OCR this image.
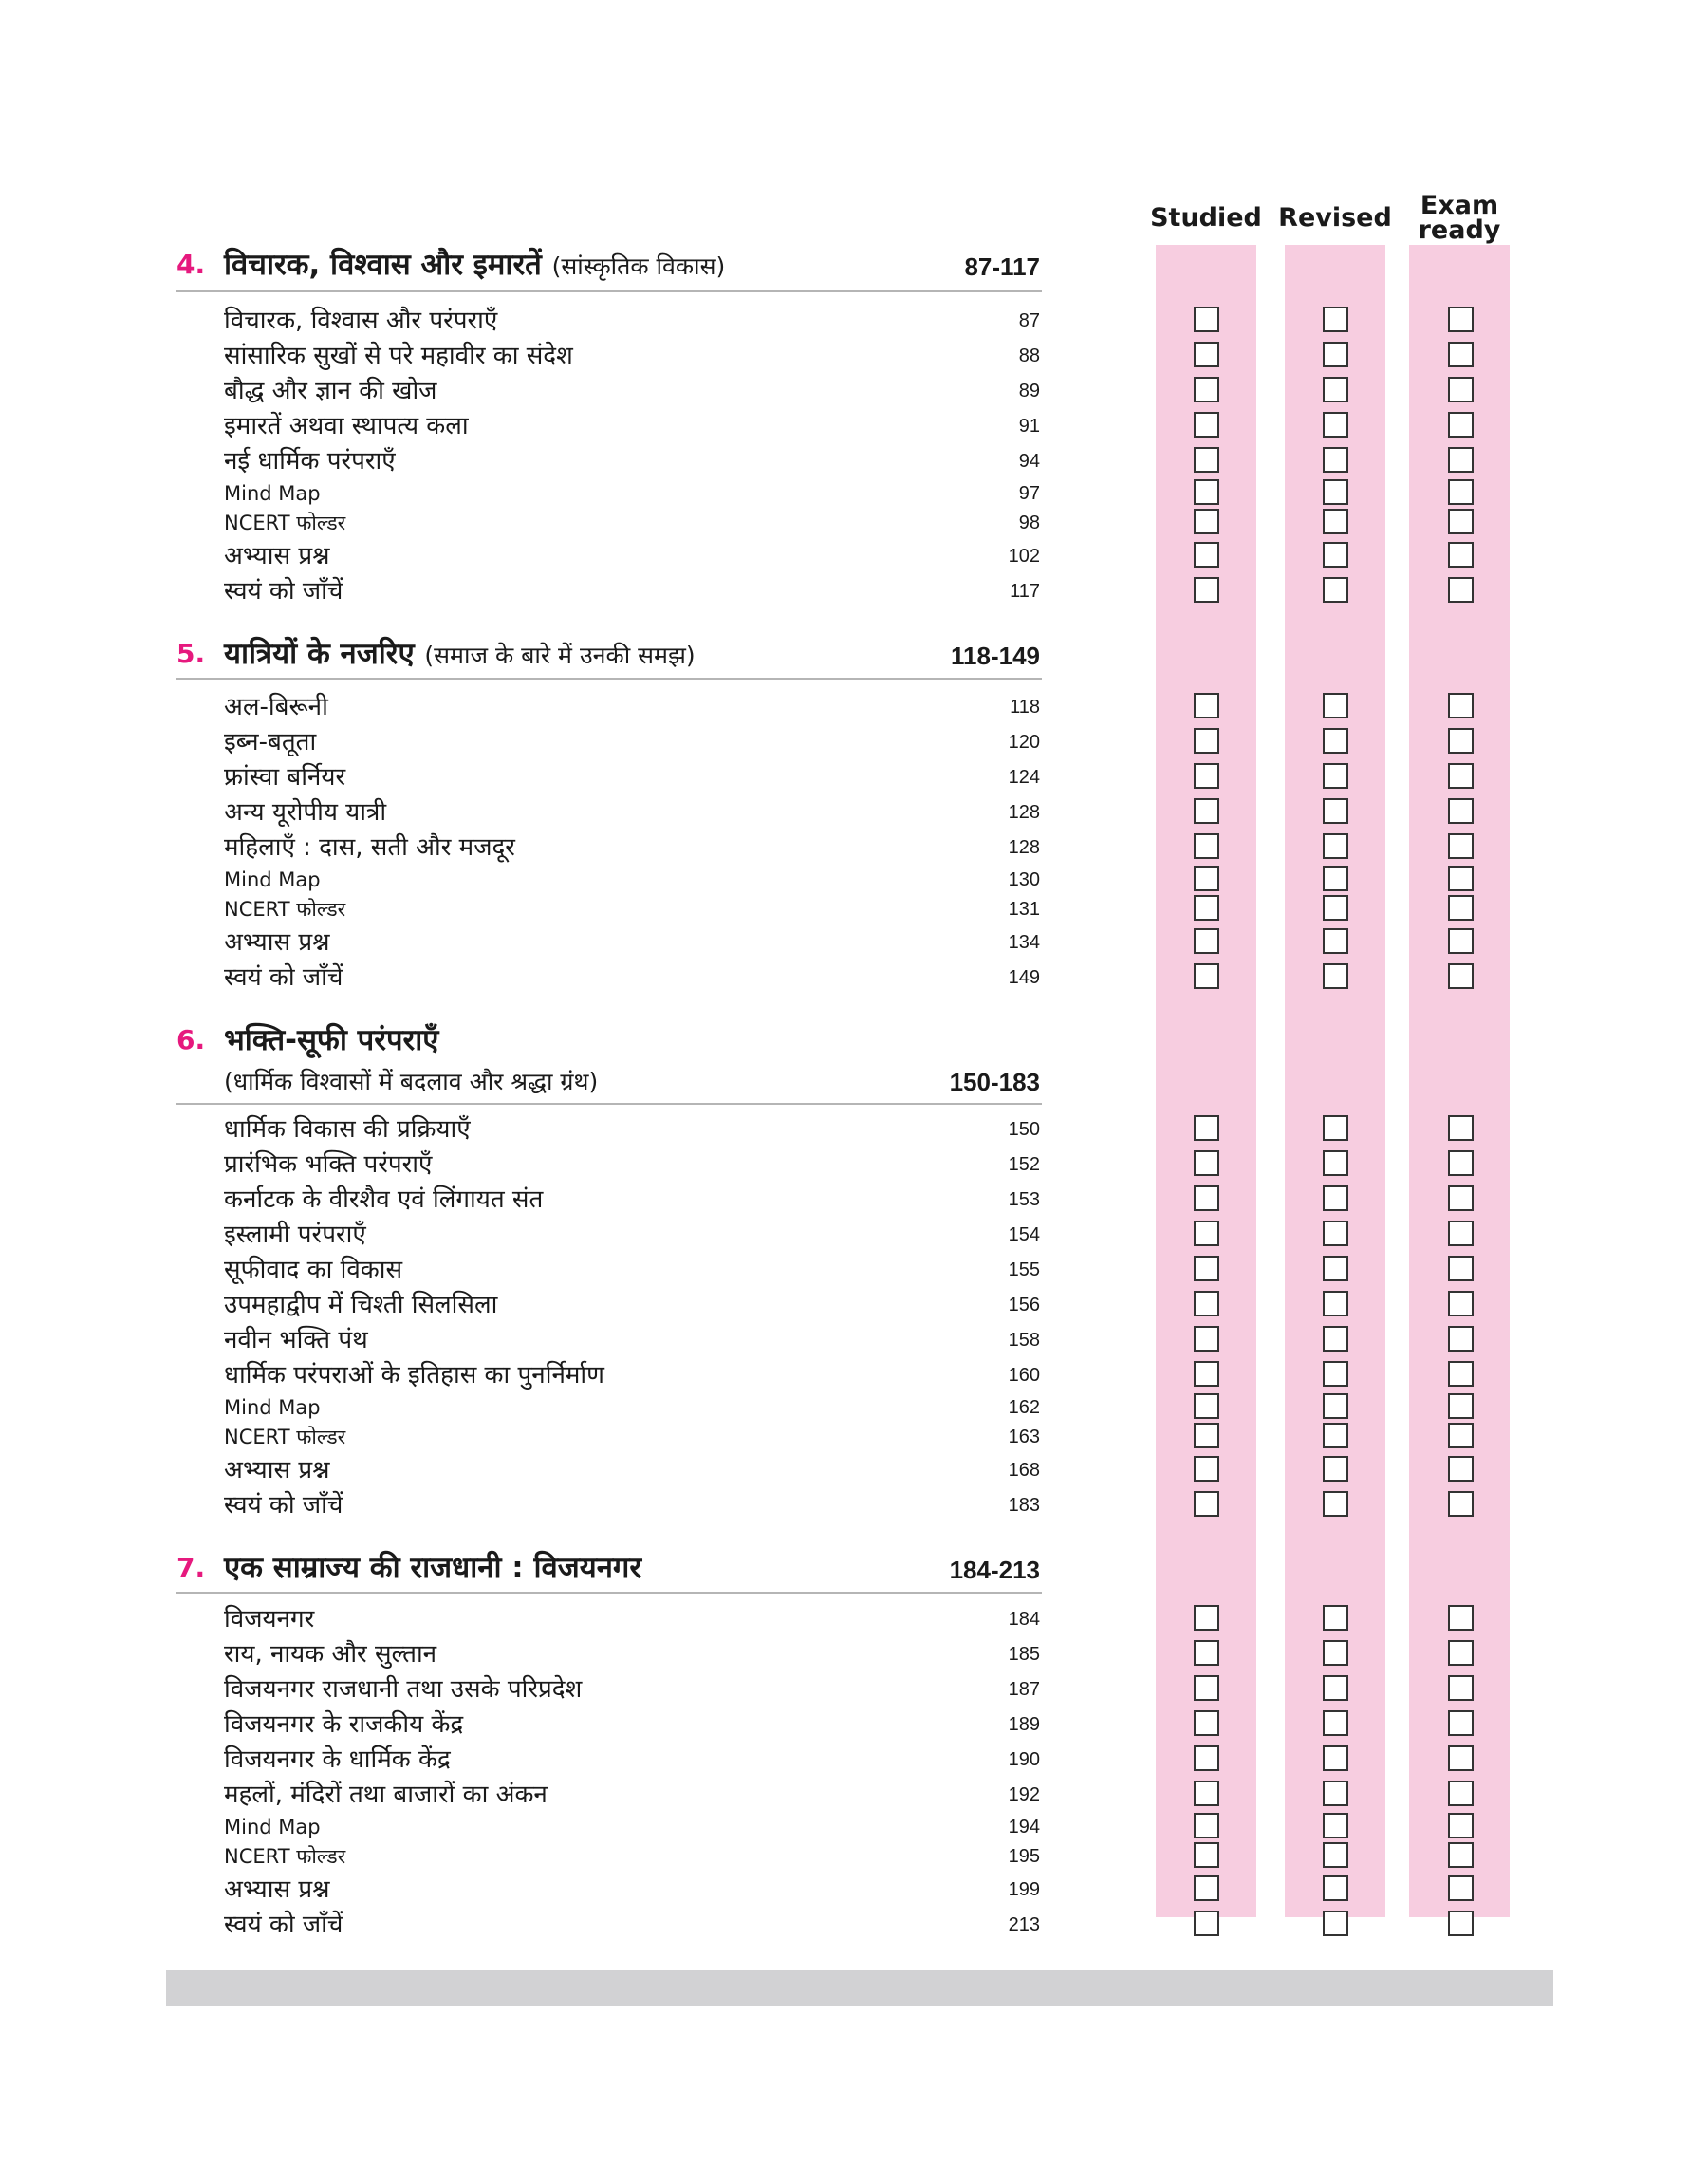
Studied Revised	Exam
ready
4. विचारक, विश्वास और इमारतें (सांस्कृतिक विकास)	87-117
विचारक, विश्वास और परंपराएँ	87
सांसारिक सुखों से परे महावीर का संदेश	88
बौद्ध और ज्ञान की खोज	89
इमारतें अथवा स्थापत्य कला	91
नई धार्मिक परंपराएँ	94
Mind Map	97
NCERT फोल्डर	98
अभ्यास प्रश्न	102
स्वयं को जाँचें	117
5. यात्रियों के नजरिए (समाज के बारे में उनकी समझ)	118-149
अल-बिरूनी	118
इब्न-बतूता	120
फ्रांस्वा बर्नियर	124
अन्य यूरोपीय यात्री	128
महिलाएँ : दास, सती और मजदूर	128
Mind Map	130
NCERT फोल्डर	131
अभ्यास प्रश्न	134
स्वयं को जाँचें	149
6. भक्ति-सूफी परंपराएँ
(धार्मिक विश्वासों में बदलाव और श्रद्धा ग्रंथ)	150-183
धार्मिक विकास की प्रक्रियाएँ	150
प्रारंभिक भक्ति परंपराएँ	152
कर्नाटक के वीरशैव एवं लिंगायत संत	153
इस्लामी परंपराएँ	154
सूफीवाद का विकास	155
उपमहाद्वीप में चिश्ती सिलसिला	156
नवीन भक्ति पंथ	158
धार्मिक परंपराओं के इतिहास का पुनर्निर्माण	160
Mind Map	162
NCERT फोल्डर	163
अभ्यास प्रश्न	168
स्वयं को जाँचें	183
7. एक साम्राज्य की राजधानी : विजयनगर	184-213
विजयनगर	184
राय, नायक और सुल्तान	185
विजयनगर राजधानी तथा उसके परिप्रदेश	187
विजयनगर के राजकीय केंद्र	189
विजयनगर के धार्मिक केंद्र	190
महलों, मंदिरों तथा बाजारों का अंकन	192
Mind Map	194
NCERT फोल्डर	195
अभ्यास प्रश्न	199
स्वयं को जाँचें	213
